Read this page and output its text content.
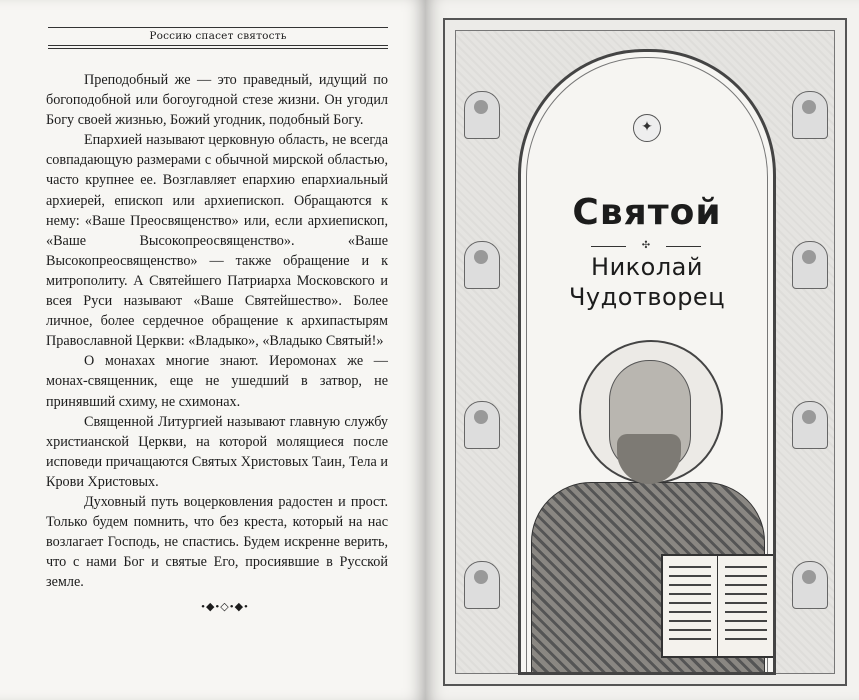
Россию спасет святость

Преподобный же — это праведный, идущий по богоподобной или богоугодной стезе жизни. Он угодил Богу своей жизнью, Божий угодник, подобный Богу.

Епархией называют церковную область, не всегда совпадающую размерами с обычной мирской областью, часто крупнее ее. Возглавляет епархию епархиальный архиерей, епископ или архиепископ. Обращаются к нему: «Ваше Преосвященство» или, если архиепископ, «Ваше Высокопреосвященство». «Ваше Высокопреосвященство» — также обращение и к митрополиту. А Святейшего Патриарха Московского и всея Руси называют «Ваше Святейшество». Более личное, более сердечное обращение к архипастырям Православной Церкви: «Владыко», «Владыко Святый!»

О монахах многие знают. Иеромонах же — монах-священник, еще не ушедший в затвор, не принявший схиму, не схимонах.

Священной Литургией называют главную службу христианской Церкви, на которой молящиеся после исповеди причащаются Святых Христовых Таин, Тела и Крови Христовых.

Духовный путь воцерковления радостен и прост. Только будем помнить, что без креста, который на нас возлагает Господь, не спастись. Будем искренне верить, что с нами Бог и святые Его, просиявшие в Русской земле.

•◆•◇•◆•
✦
Святой
✣
Николай
Чудотворец
